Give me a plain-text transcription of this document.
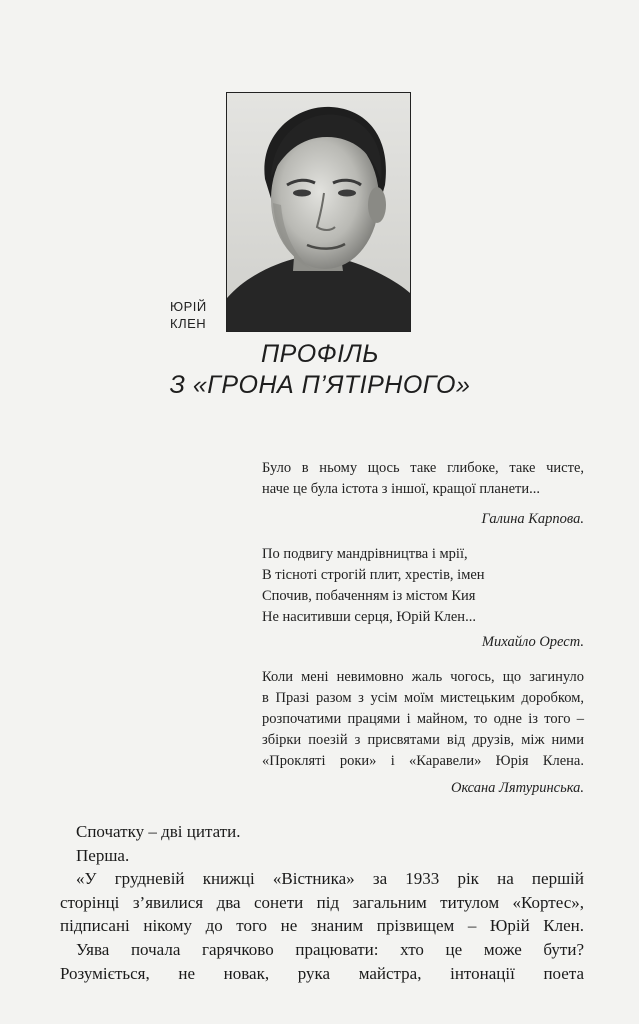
ЮРІЙ
КЛЕН
ПРОФІЛЬ
З «ГРОНА П’ЯТІРНОГО»
Було в ньому щось таке глибоке, таке чисте,
наче це була істота з іншої, кращої планети...
Галина Карпова.
По подвигу мандрівництва і мрії,
В тісноті строгій плит, хрестів, імен
Спочив, побаченням із містом Кия
Не наситивши серця, Юрій Клен...
Михайло Орест.
Коли мені невимовно жаль чогось, що загинуло
в Празі разом з усім моїм мистецьким доробком,
розпочатими працями і майном, то одне із того –
збірки поезій з присвятами від друзів, між ними
«Прокляті роки» і «Каравели» Юрія Клена.
Оксана Лятуринська.
Спочатку – дві цитати.
Перша.
«У грудневій книжці «Вістника» за 1933 рік на першій
сторінці з’явилися два сонети під загальним титулом «Кортес»,
підписані нікому до того не знаним прізвищем – Юрій Клен.
Уява почала гарячково працювати: хто це може бути?
Розуміється, не новак, рука майстра, інтонації поета
